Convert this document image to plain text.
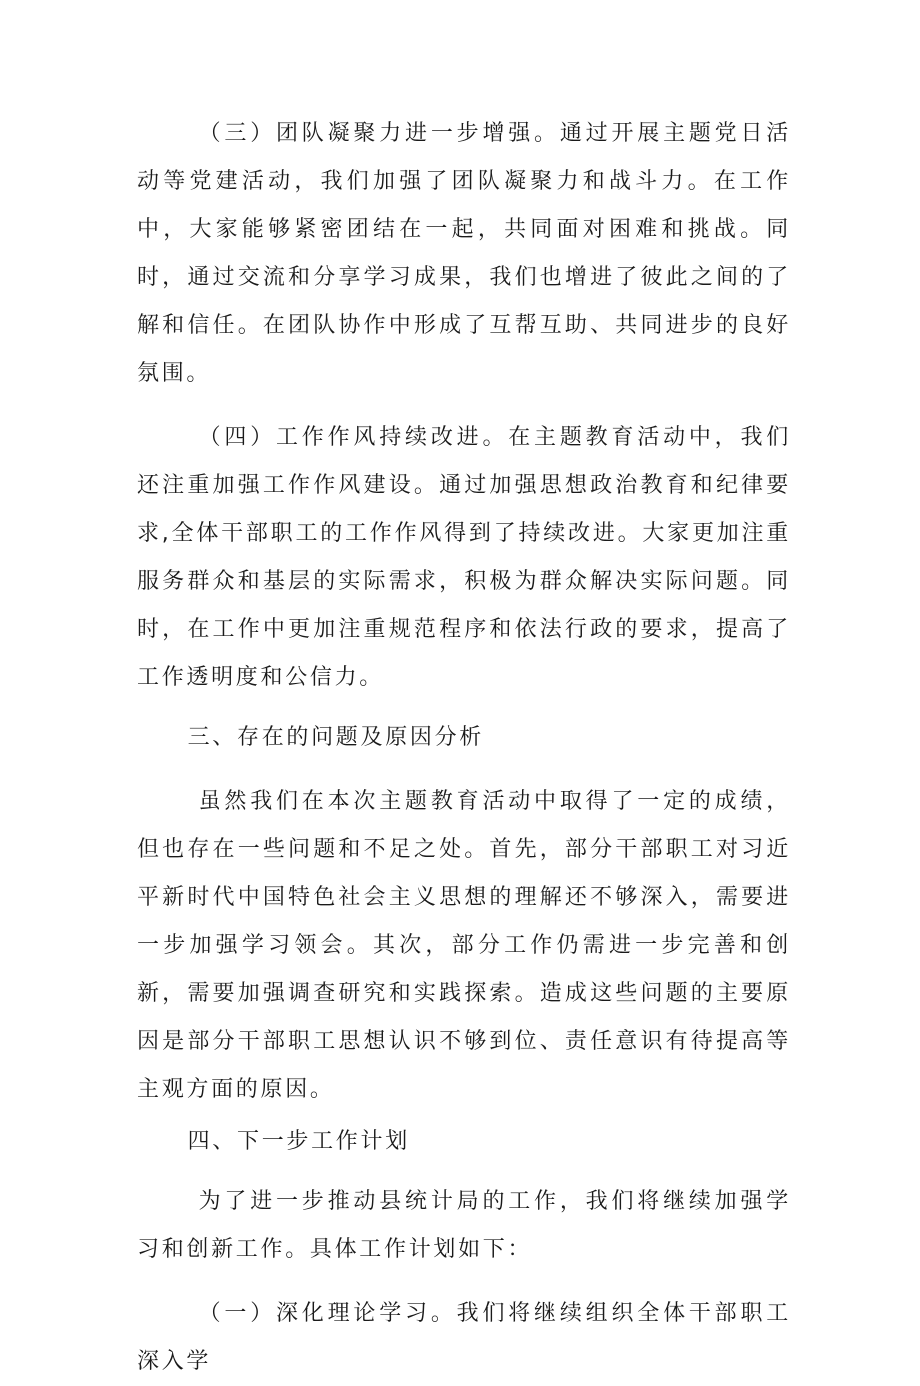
（三）团队凝聚力进一步增强。通过开展主题党日活动等党建活动，我们加强了团队凝聚力和战斗力。在工作中，大家能够紧密团结在一起，共同面对困难和挑战。同时，通过交流和分享学习成果，我们也增进了彼此之间的了解和信任。在团队协作中形成了互帮互助、共同进步的良好氛围。

（四）工作作风持续改进。在主题教育活动中，我们还注重加强工作作风建设。通过加强思想政治教育和纪律要求,全体干部职工的工作作风得到了持续改进。大家更加注重服务群众和基层的实际需求，积极为群众解决实际问题。同时，在工作中更加注重规范程序和依法行政的要求，提高了工作透明度和公信力。

三、存在的问题及原因分析

虽然我们在本次主题教育活动中取得了一定的成绩，但也存在一些问题和不足之处。首先，部分干部职工对习近平新时代中国特色社会主义思想的理解还不够深入，需要进一步加强学习领会。其次，部分工作仍需进一步完善和创新，需要加强调查研究和实践探索。造成这些问题的主要原因是部分干部职工思想认识不够到位、责任意识有待提高等主观方面的原因。

四、下一步工作计划

为了进一步推动县统计局的工作，我们将继续加强学习和创新工作。具体工作计划如下：

（一）深化理论学习。我们将继续组织全体干部职工深入学
